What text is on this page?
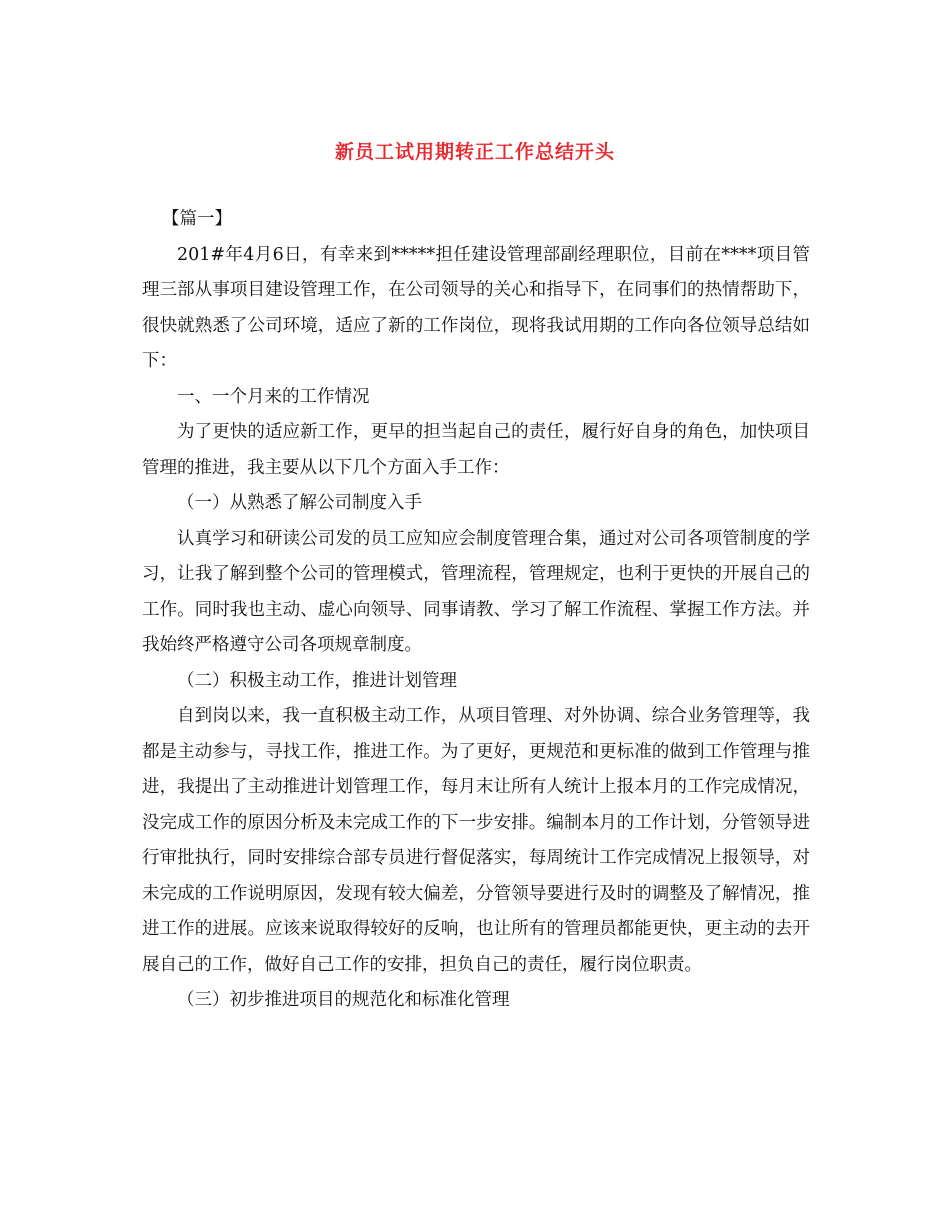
新员工试用期转正工作总结开头

【篇一】

201#年4月6日，有幸来到*****担任建设管理部副经理职位，目前在****项目管理三部从事项目建设管理工作，在公司领导的关心和指导下，在同事们的热情帮助下，很快就熟悉了公司环境，适应了新的工作岗位，现将我试用期的工作向各位领导总结如下：

一、一个月来的工作情况

为了更快的适应新工作，更早的担当起自己的责任，履行好自身的角色，加快项目管理的推进，我主要从以下几个方面入手工作：

（一）从熟悉了解公司制度入手

认真学习和研读公司发的员工应知应会制度管理合集，通过对公司各项管制度的学习，让我了解到整个公司的管理模式，管理流程，管理规定，也利于更快的开展自己的工作。同时我也主动、虚心向领导、同事请教、学习了解工作流程、掌握工作方法。并我始终严格遵守公司各项规章制度。

（二）积极主动工作，推进计划管理

自到岗以来，我一直积极主动工作，从项目管理、对外协调、综合业务管理等，我都是主动参与，寻找工作，推进工作。为了更好，更规范和更标准的做到工作管理与推进，我提出了主动推进计划管理工作，每月末让所有人统计上报本月的工作完成情况，没完成工作的原因分析及未完成工作的下一步安排。编制本月的工作计划，分管领导进行审批执行，同时安排综合部专员进行督促落实，每周统计工作完成情况上报领导，对未完成的工作说明原因，发现有较大偏差，分管领导要进行及时的调整及了解情况，推进工作的进展。应该来说取得较好的反响，也让所有的管理员都能更快，更主动的去开展自己的工作，做好自己工作的安排，担负自己的责任，履行岗位职责。

（三）初步推进项目的规范化和标准化管理
